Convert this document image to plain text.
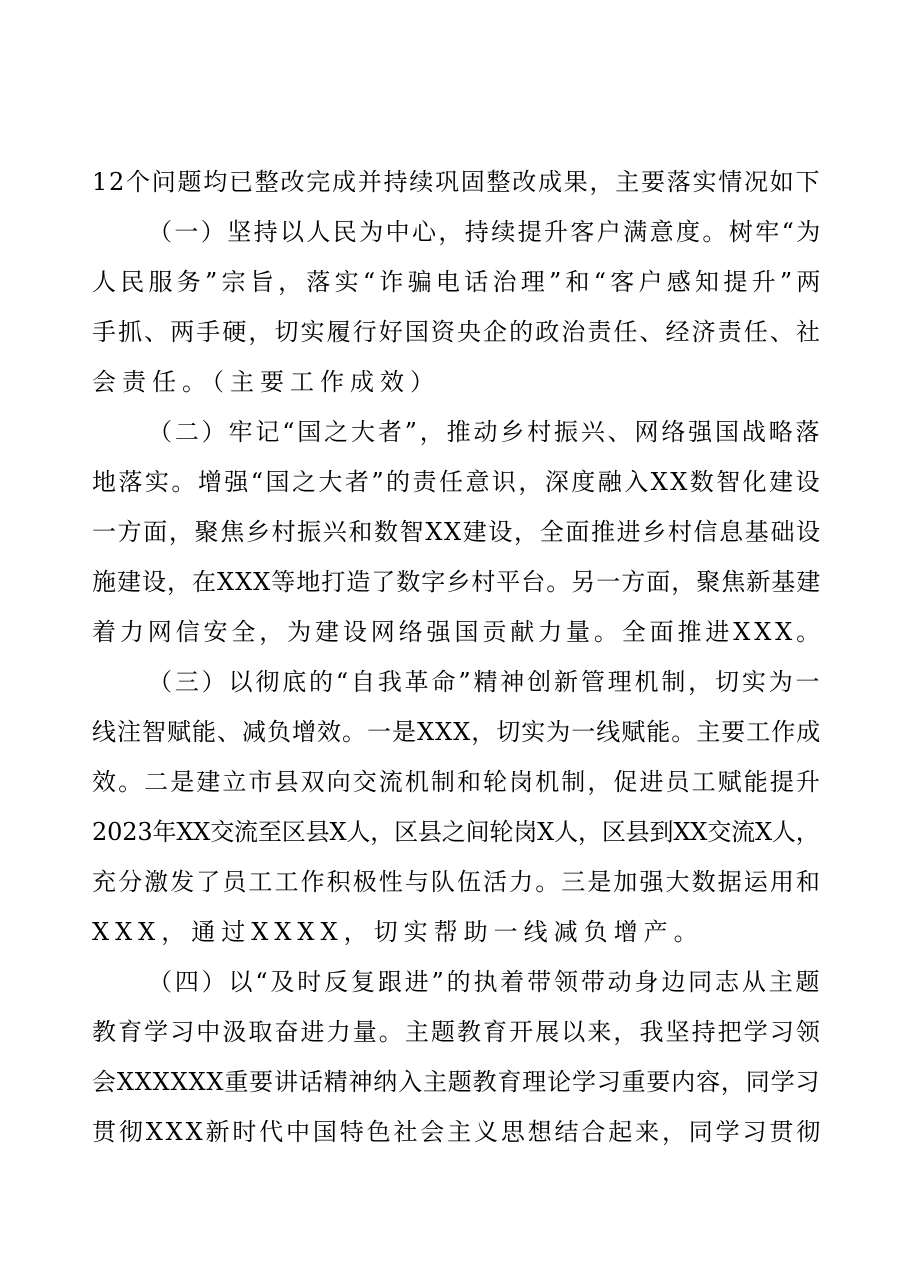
12个问题均已整改完成并持续巩固整改成果，主要落实情况如下
（一）坚持以人民为中心，持续提升客户满意度。树牢“为
人民服务”宗旨，落实“诈骗电话治理”和“客户感知提升”两
手抓、两手硬，切实履行好国资央企的政治责任、经济责任、社
会责任。（主要工作成效）
（二）牢记“国之大者”，推动乡村振兴、网络强国战略落
地落实。增强“国之大者”的责任意识，深度融入XX数智化建设
一方面，聚焦乡村振兴和数智XX建设，全面推进乡村信息基础设
施建设，在XXX等地打造了数字乡村平台。另一方面，聚焦新基建
着力网信安全，为建设网络强国贡献力量。全面推进XXX。
（三）以彻底的“自我革命”精神创新管理机制，切实为一
线注智赋能、减负增效。一是XXX，切实为一线赋能。主要工作成
效。二是建立市县双向交流机制和轮岗机制，促进员工赋能提升
2023年XX交流至区县X人，区县之间轮岗X人，区县到XX交流X人，
充分激发了员工工作积极性与队伍活力。三是加强大数据运用和
XXX，通过XXXX，切实帮助一线减负增产。
（四）以“及时反复跟进”的执着带领带动身边同志从主题
教育学习中汲取奋进力量。主题教育开展以来，我坚持把学习领
会XXXXXX重要讲话精神纳入主题教育理论学习重要内容，同学习
贯彻XXX新时代中国特色社会主义思想结合起来，同学习贯彻
